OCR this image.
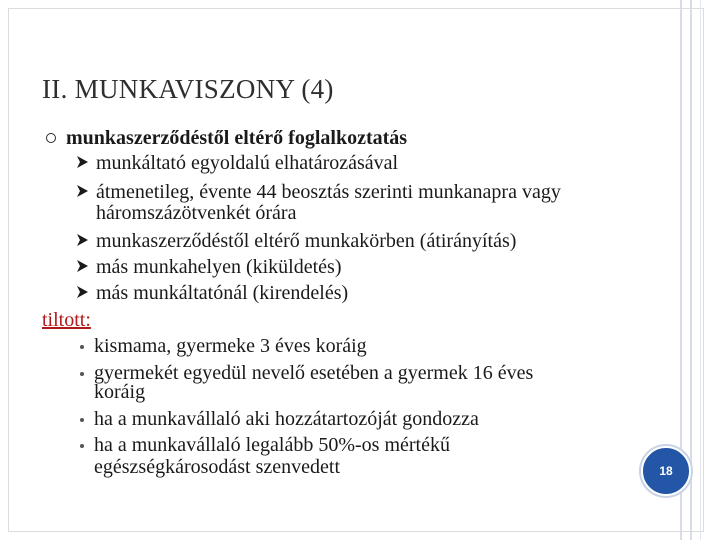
II. MUNKAVISZONY (4)
munkaszerződéstől eltérő foglalkoztatás
munkáltató egyoldalú elhatározásával
átmenetileg, évente 44 beosztás szerinti munkanapra vagy
háromszázötvenkét órára
munkaszerződéstől eltérő munkakörben (átirányítás)
más munkahelyen (kiküldetés)
más munkáltatónál (kirendelés)
tiltott:
kismama, gyermeke 3 éves koráig
gyermekét egyedül nevelő esetében a gyermek 16 éves
koráig
ha a munkavállaló aki hozzátartozóját gondozza
ha a munkavállaló legalább 50%-os mértékű
egészségkárosodást szenvedett	18
